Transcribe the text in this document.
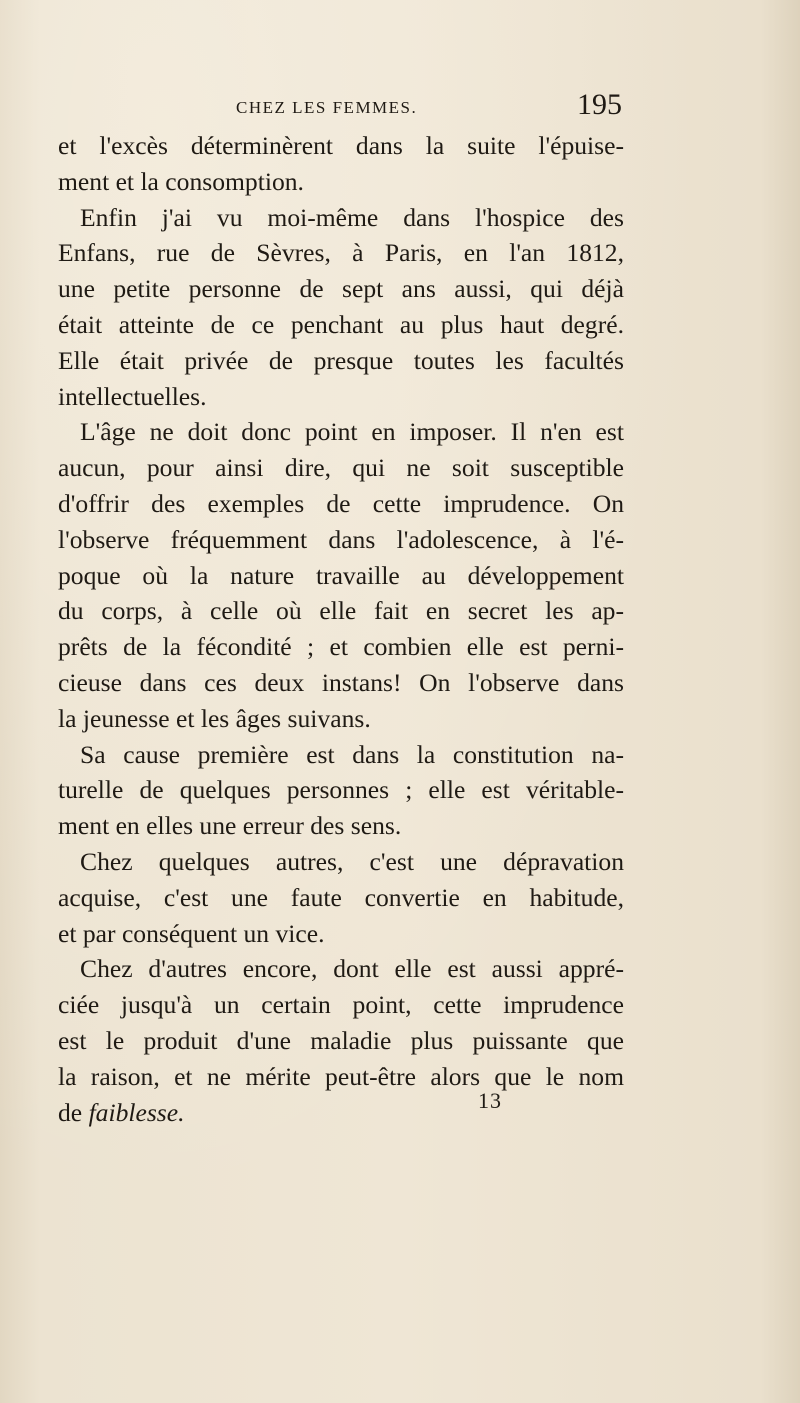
CHEZ LES FEMMES.	195
et l'excès déterminèrent dans la suite l'épuise-
ment et la consomption.
Enfin j'ai vu moi-même dans l'hospice des
Enfans, rue de Sèvres, à Paris, en l'an 1812,
une petite personne de sept ans aussi, qui déjà
était atteinte de ce penchant au plus haut degré.
Elle était privée de presque toutes les facultés
intellectuelles.
L'âge ne doit donc point en imposer. Il n'en est
aucun, pour ainsi dire, qui ne soit susceptible
d'offrir des exemples de cette imprudence. On
l'observe fréquemment dans l'adolescence, à l'é-
poque où la nature travaille au développement
du corps, à celle où elle fait en secret les ap-
prêts de la fécondité ; et combien elle est perni-
cieuse dans ces deux instans! On l'observe dans
la jeunesse et les âges suivans.
Sa cause première est dans la constitution na-
turelle de quelques personnes ; elle est véritable-
ment en elles une erreur des sens.
Chez quelques autres, c'est une dépravation
acquise, c'est une faute convertie en habitude,
et par conséquent un vice.
Chez d'autres encore, dont elle est aussi appré-
ciée jusqu'à un certain point, cette imprudence
est le produit d'une maladie plus puissante que
la raison, et ne mérite peut-être alors que le nom
de faiblesse.	13
